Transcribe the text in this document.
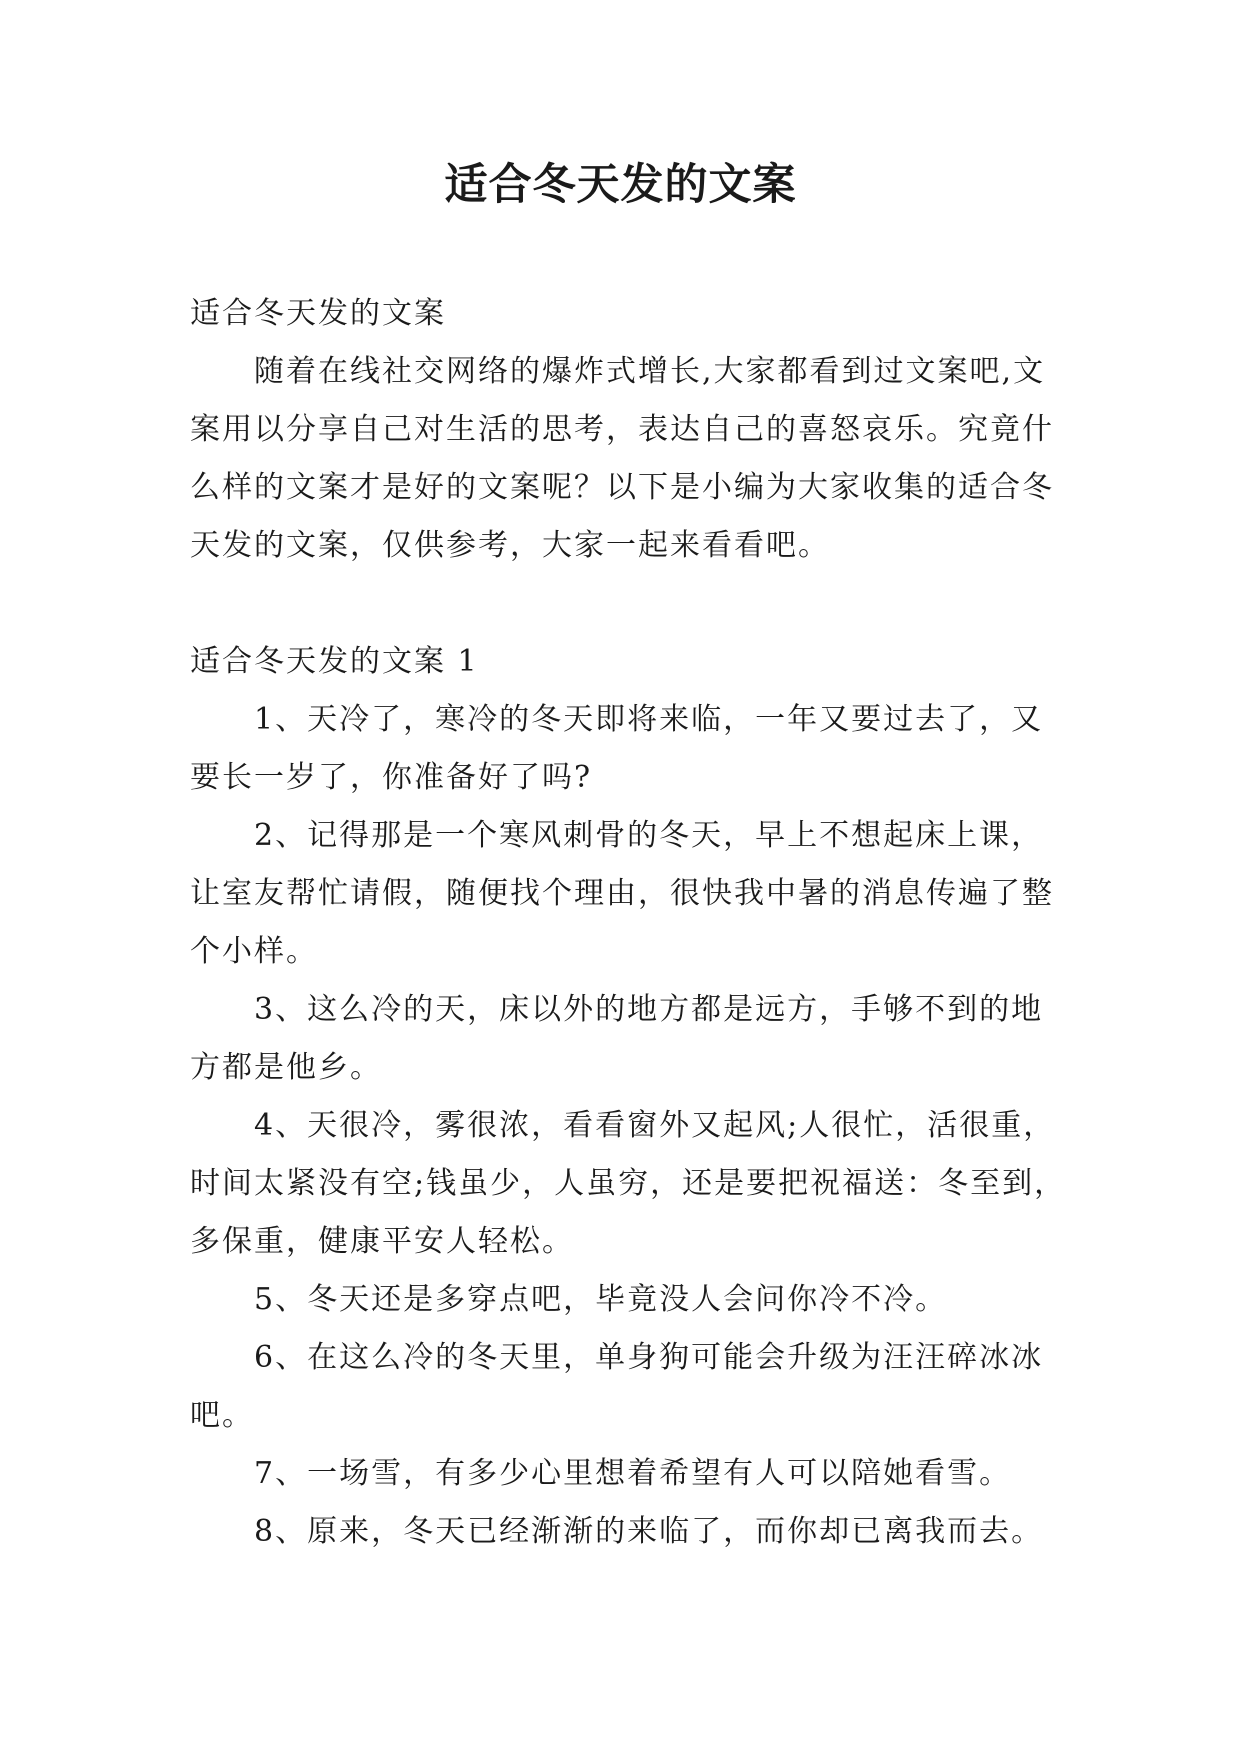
适合冬天发的文案

适合冬天发的文案

随着在线社交网络的爆炸式增长,大家都看到过文案吧,文案用以分享自己对生活的思考，表达自己的喜怒哀乐。究竟什么样的文案才是好的文案呢？以下是小编为大家收集的适合冬天发的文案，仅供参考，大家一起来看看吧。

适合冬天发的文案 1

1、天冷了，寒冷的冬天即将来临，一年又要过去了，又要长一岁了，你准备好了吗?

2、记得那是一个寒风刺骨的冬天，早上不想起床上课，让室友帮忙请假，随便找个理由，很快我中暑的消息传遍了整个小样。

3、这么冷的天，床以外的地方都是远方，手够不到的地方都是他乡。

4、天很冷，雾很浓，看看窗外又起风;人很忙，活很重，时间太紧没有空;钱虽少，人虽穷，还是要把祝福送：冬至到，多保重，健康平安人轻松。

5、冬天还是多穿点吧，毕竟没人会问你冷不冷。

6、在这么冷的冬天里，单身狗可能会升级为汪汪碎冰冰吧。

7、一场雪，有多少心里想着希望有人可以陪她看雪。

8、原来，冬天已经渐渐的来临了，而你却已离我而去。
